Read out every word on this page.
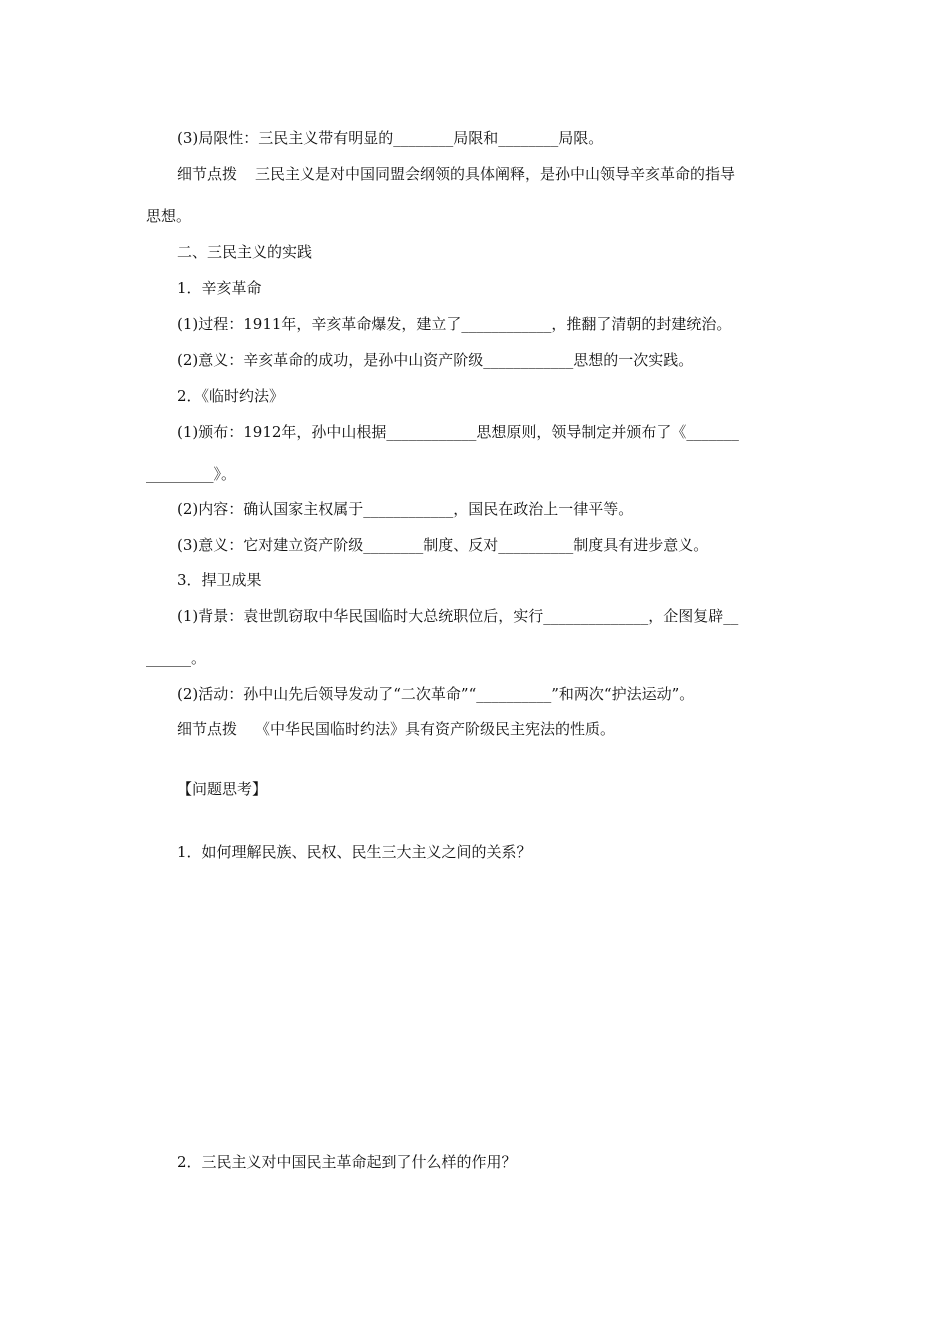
(3)局限性：三民主义带有明显的________局限和________局限。
细节点拨 三民主义是对中国同盟会纲领的具体阐释，是孙中山领导辛亥革命的指导
思想。
二、三民主义的实践
1．辛亥革命
(1)过程：1911年，辛亥革命爆发，建立了____________，推翻了清朝的封建统治。
(2)意义：辛亥革命的成功，是孙中山资产阶级____________思想的一次实践。
2．《临时约法》
(1)颁布：1912年，孙中山根据____________思想原则，领导制定并颁布了《_______
_________》。
(2)内容：确认国家主权属于____________，国民在政治上一律平等。
(3)意义：它对建立资产阶级________制度、反对__________制度具有进步意义。
3．捍卫成果
(1)背景：袁世凯窃取中华民国临时大总统职位后，实行______________，企图复辟__
______。
(2)活动：孙中山先后领导发动了“二次革命”“__________”和两次“护法运动”。
细节点拨 《中华民国临时约法》具有资产阶级民主宪法的性质。
【问题思考】
1．如何理解民族、民权、民生三大主义之间的关系？
2．三民主义对中国民主革命起到了什么样的作用？
